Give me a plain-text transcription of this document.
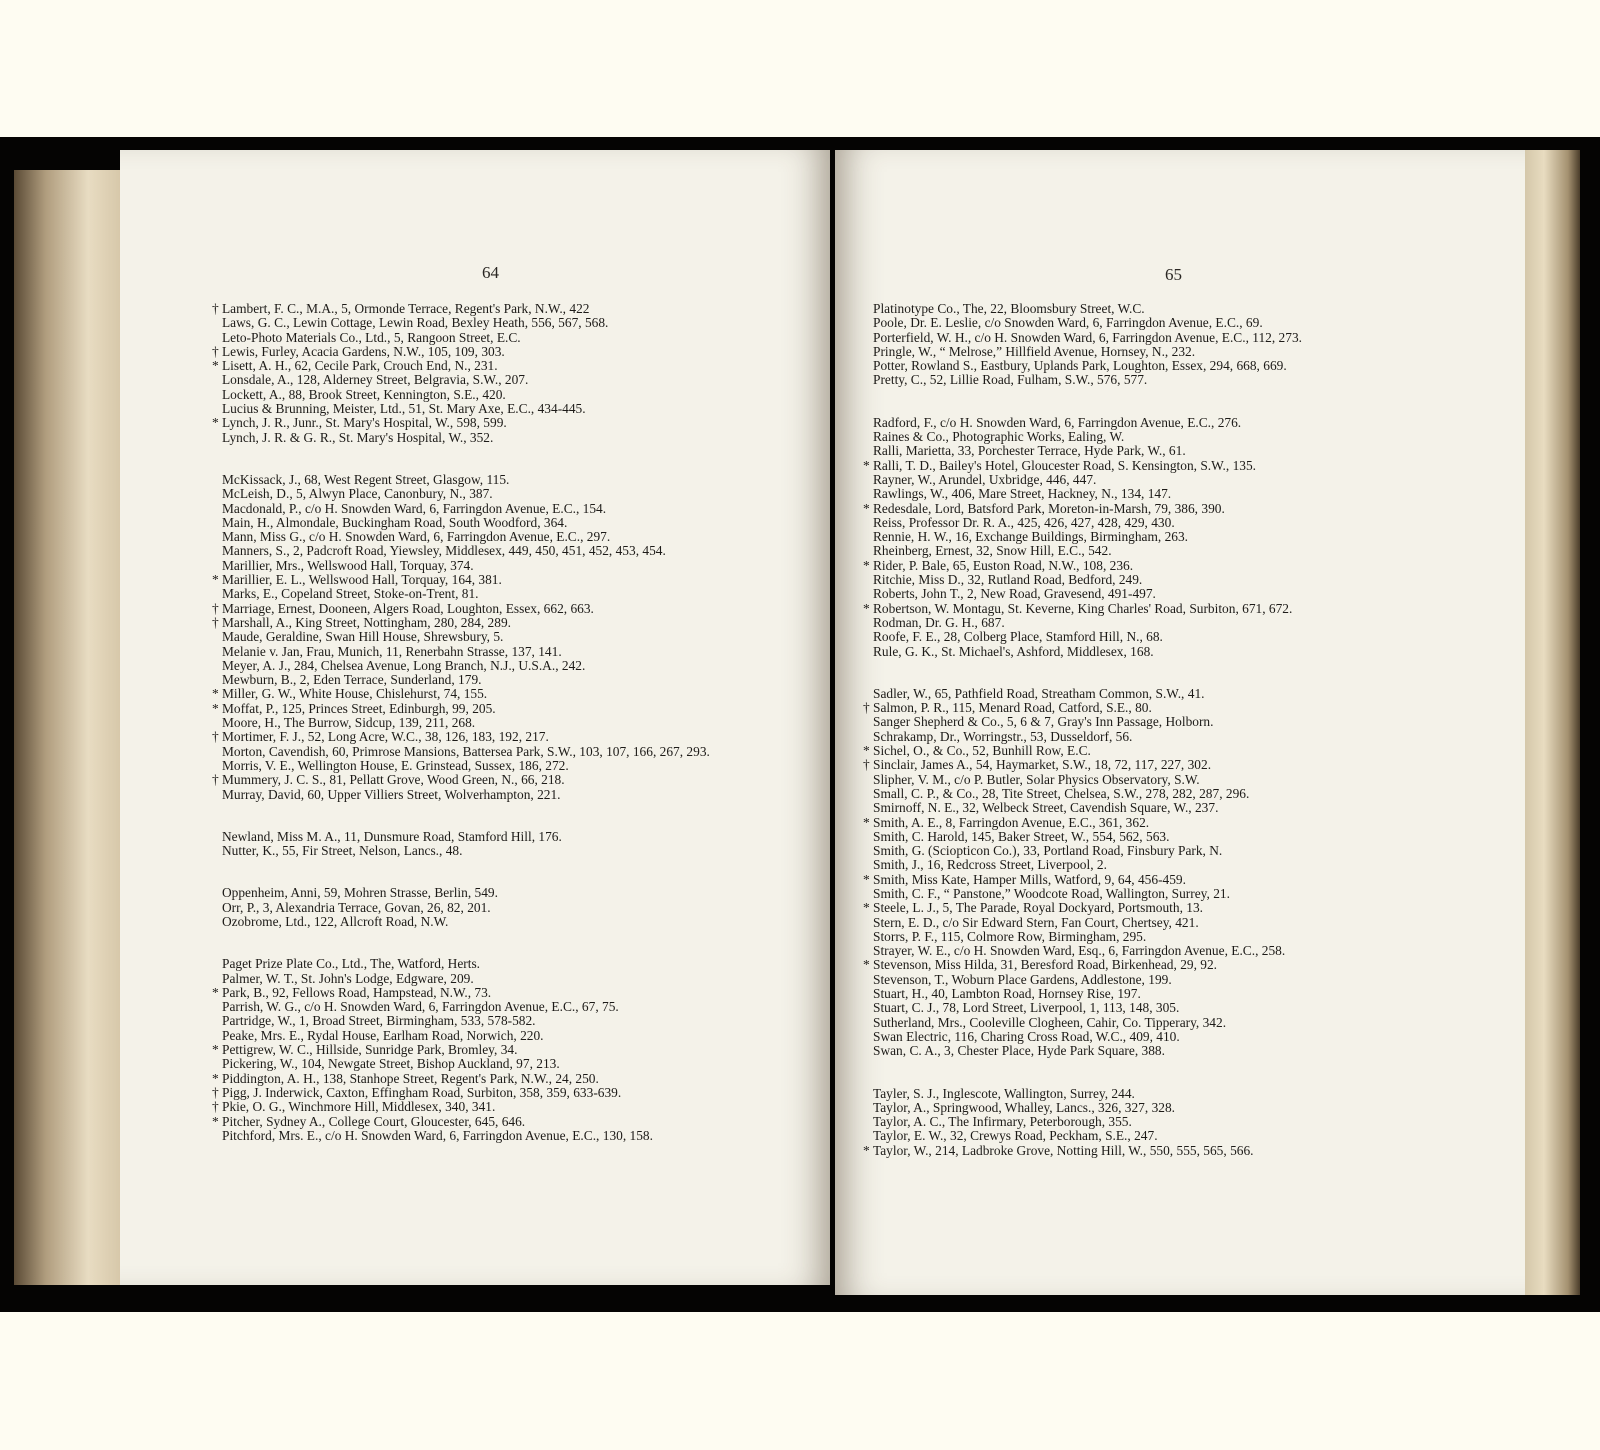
64
† Lambert, F. C., M.A., 5, Ormonde Terrace, Regent's Park, N.W., 422
Laws, G. C., Lewin Cottage, Lewin Road, Bexley Heath, 556, 567, 568.
Leto-Photo Materials Co., Ltd., 5, Rangoon Street, E.C.
† Lewis, Furley, Acacia Gardens, N.W., 105, 109, 303.
* Lisett, A. H., 62, Cecile Park, Crouch End, N., 231.
Lonsdale, A., 128, Alderney Street, Belgravia, S.W., 207.
Lockett, A., 88, Brook Street, Kennington, S.E., 420.
Lucius & Brunning, Meister, Ltd., 51, St. Mary Axe, E.C., 434-445.
* Lynch, J. R., Junr., St. Mary's Hospital, W., 598, 599.
Lynch, J. R. & G. R., St. Mary's Hospital, W., 352.
McKissack, J., 68, West Regent Street, Glasgow, 115.
McLeish, D., 5, Alwyn Place, Canonbury, N., 387.
Macdonald, P., c/o H. Snowden Ward, 6, Farringdon Avenue, E.C., 154.
Main, H., Almondale, Buckingham Road, South Woodford, 364.
Mann, Miss G., c/o H. Snowden Ward, 6, Farringdon Avenue, E.C., 297.
Manners, S., 2, Padcroft Road, Yiewsley, Middlesex, 449, 450, 451, 452, 453, 454.
Marillier, Mrs., Wellswood Hall, Torquay, 374.
* Marillier, E. L., Wellswood Hall, Torquay, 164, 381.
Marks, E., Copeland Street, Stoke-on-Trent, 81.
† Marriage, Ernest, Dooneen, Algers Road, Loughton, Essex, 662, 663.
† Marshall, A., King Street, Nottingham, 280, 284, 289.
Maude, Geraldine, Swan Hill House, Shrewsbury, 5.
Melanie v. Jan, Frau, Munich, 11, Renerbahn Strasse, 137, 141.
Meyer, A. J., 284, Chelsea Avenue, Long Branch, N.J., U.S.A., 242.
Mewburn, B., 2, Eden Terrace, Sunderland, 179.
* Miller, G. W., White House, Chislehurst, 74, 155.
* Moffat, P., 125, Princes Street, Edinburgh, 99, 205.
Moore, H., The Burrow, Sidcup, 139, 211, 268.
† Mortimer, F. J., 52, Long Acre, W.C., 38, 126, 183, 192, 217.
Morton, Cavendish, 60, Primrose Mansions, Battersea Park, S.W., 103, 107, 166, 267, 293.
Morris, V. E., Wellington House, E. Grinstead, Sussex, 186, 272.
† Mummery, J. C. S., 81, Pellatt Grove, Wood Green, N., 66, 218.
Murray, David, 60, Upper Villiers Street, Wolverhampton, 221.
Newland, Miss M. A., 11, Dunsmure Road, Stamford Hill, 176.
Nutter, K., 55, Fir Street, Nelson, Lancs., 48.
Oppenheim, Anni, 59, Mohren Strasse, Berlin, 549.
Orr, P., 3, Alexandria Terrace, Govan, 26, 82, 201.
Ozobrome, Ltd., 122, Allcroft Road, N.W.
Paget Prize Plate Co., Ltd., The, Watford, Herts.
Palmer, W. T., St. John's Lodge, Edgware, 209.
* Park, B., 92, Fellows Road, Hampstead, N.W., 73.
Parrish, W. G., c/o H. Snowden Ward, 6, Farringdon Avenue, E.C., 67, 75.
Partridge, W., 1, Broad Street, Birmingham, 533, 578-582.
Peake, Mrs. E., Rydal House, Earlham Road, Norwich, 220.
* Pettigrew, W. C., Hillside, Sunridge Park, Bromley, 34.
Pickering, W., 104, Newgate Street, Bishop Auckland, 97, 213.
* Piddington, A. H., 138, Stanhope Street, Regent's Park, N.W., 24, 250.
† Pigg, J. Inderwick, Caxton, Effingham Road, Surbiton, 358, 359, 633-639.
† Pkie, O. G., Winchmore Hill, Middlesex, 340, 341.
* Pitcher, Sydney A., College Court, Gloucester, 645, 646.
Pitchford, Mrs. E., c/o H. Snowden Ward, 6, Farringdon Avenue, E.C., 130, 158.
65
Platinotype Co., The, 22, Bloomsbury Street, W.C.
Poole, Dr. E. Leslie, c/o Snowden Ward, 6, Farringdon Avenue, E.C., 69.
Porterfield, W. H., c/o H. Snowden Ward, 6, Farringdon Avenue, E.C., 112, 273.
Pringle, W., “ Melrose,” Hillfield Avenue, Hornsey, N., 232.
Potter, Rowland S., Eastbury, Uplands Park, Loughton, Essex, 294, 668, 669.
Pretty, C., 52, Lillie Road, Fulham, S.W., 576, 577.
Radford, F., c/o H. Snowden Ward, 6, Farringdon Avenue, E.C., 276.
Raines & Co., Photographic Works, Ealing, W.
Ralli, Marietta, 33, Porchester Terrace, Hyde Park, W., 61.
* Ralli, T. D., Bailey's Hotel, Gloucester Road, S. Kensington, S.W., 135.
Rayner, W., Arundel, Uxbridge, 446, 447.
Rawlings, W., 406, Mare Street, Hackney, N., 134, 147.
* Redesdale, Lord, Batsford Park, Moreton-in-Marsh, 79, 386, 390.
Reiss, Professor Dr. R. A., 425, 426, 427, 428, 429, 430.
Rennie, H. W., 16, Exchange Buildings, Birmingham, 263.
Rheinberg, Ernest, 32, Snow Hill, E.C., 542.
* Rider, P. Bale, 65, Euston Road, N.W., 108, 236.
Ritchie, Miss D., 32, Rutland Road, Bedford, 249.
Roberts, John T., 2, New Road, Gravesend, 491-497.
* Robertson, W. Montagu, St. Keverne, King Charles' Road, Surbiton, 671, 672.
Rodman, Dr. G. H., 687.
Roofe, F. E., 28, Colberg Place, Stamford Hill, N., 68.
Rule, G. K., St. Michael's, Ashford, Middlesex, 168.
Sadler, W., 65, Pathfield Road, Streatham Common, S.W., 41.
† Salmon, P. R., 115, Menard Road, Catford, S.E., 80.
Sanger Shepherd & Co., 5, 6 & 7, Gray's Inn Passage, Holborn.
Schrakamp, Dr., Worringstr., 53, Dusseldorf, 56.
* Sichel, O., & Co., 52, Bunhill Row, E.C.
† Sinclair, James A., 54, Haymarket, S.W., 18, 72, 117, 227, 302.
Slipher, V. M., c/o P. Butler, Solar Physics Observatory, S.W.
Small, C. P., & Co., 28, Tite Street, Chelsea, S.W., 278, 282, 287, 296.
Smirnoff, N. E., 32, Welbeck Street, Cavendish Square, W., 237.
* Smith, A. E., 8, Farringdon Avenue, E.C., 361, 362.
Smith, C. Harold, 145, Baker Street, W., 554, 562, 563.
Smith, G. (Sciopticon Co.), 33, Portland Road, Finsbury Park, N.
Smith, J., 16, Redcross Street, Liverpool, 2.
* Smith, Miss Kate, Hamper Mills, Watford, 9, 64, 456-459.
Smith, C. F., “ Panstone,” Woodcote Road, Wallington, Surrey, 21.
* Steele, L. J., 5, The Parade, Royal Dockyard, Portsmouth, 13.
Stern, E. D., c/o Sir Edward Stern, Fan Court, Chertsey, 421.
Storrs, P. F., 115, Colmore Row, Birmingham, 295.
Strayer, W. E., c/o H. Snowden Ward, Esq., 6, Farringdon Avenue, E.C., 258.
* Stevenson, Miss Hilda, 31, Beresford Road, Birkenhead, 29, 92.
Stevenson, T., Woburn Place Gardens, Addlestone, 199.
Stuart, H., 40, Lambton Road, Hornsey Rise, 197.
Stuart, C. J., 78, Lord Street, Liverpool, 1, 113, 148, 305.
Sutherland, Mrs., Cooleville Clogheen, Cahir, Co. Tipperary, 342.
Swan Electric, 116, Charing Cross Road, W.C., 409, 410.
Swan, C. A., 3, Chester Place, Hyde Park Square, 388.
Tayler, S. J., Inglescote, Wallington, Surrey, 244.
Taylor, A., Springwood, Whalley, Lancs., 326, 327, 328.
Taylor, A. C., The Infirmary, Peterborough, 355.
Taylor, E. W., 32, Crewys Road, Peckham, S.E., 247.
* Taylor, W., 214, Ladbroke Grove, Notting Hill, W., 550, 555, 565, 566.
